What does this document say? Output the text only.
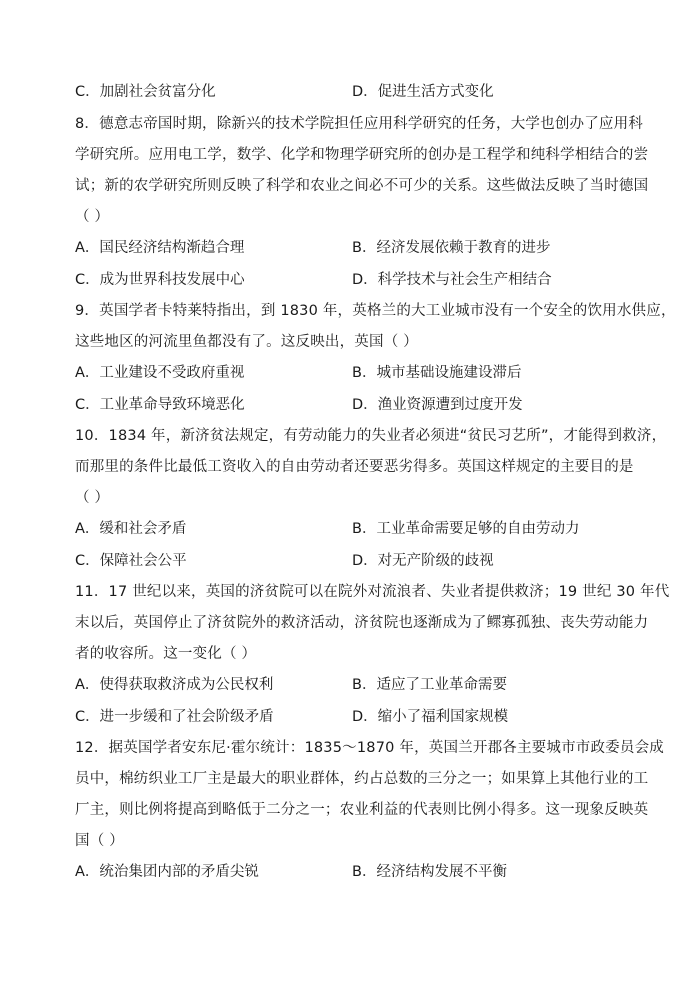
C．加剧社会贫富分化	D．促进生活方式变化
8．德意志帝国时期，除新兴的技术学院担任应用科学研究的任务，大学也创办了应用科
学研究所。应用电工学，数学、化学和物理学研究所的创办是工程学和纯科学相结合的尝
试；新的农学研究所则反映了科学和农业之间必不可少的关系。这些做法反映了当时德国
（ ）
A．国民经济结构渐趋合理	B．经济发展依赖于教育的进步
C．成为世界科技发展中心	D．科学技术与社会生产相结合
9．英国学者卡特莱特指出，到 1830 年，英格兰的大工业城市没有一个安全的饮用水供应，
这些地区的河流里鱼都没有了。这反映出，英国（ ）
A．工业建设不受政府重视	B．城市基础设施建设滞后
C．工业革命导致环境恶化	D．渔业资源遭到过度开发
10．1834 年，新济贫法规定，有劳动能力的失业者必须进“贫民习艺所”，才能得到救济，
而那里的条件比最低工资收入的自由劳动者还要恶劣得多。英国这样规定的主要目的是
（ ）
A．缓和社会矛盾	B．工业革命需要足够的自由劳动力
C．保障社会公平	D．对无产阶级的歧视
11．17 世纪以来，英国的济贫院可以在院外对流浪者、失业者提供救济；19 世纪 30 年代
末以后，英国停止了济贫院外的救济活动，济贫院也逐渐成为了鳏寡孤独、丧失劳动能力
者的收容所。这一变化（ ）
A．使得获取救济成为公民权利	B．适应了工业革命需要
C．进一步缓和了社会阶级矛盾	D．缩小了福利国家规模
12．据英国学者安东尼·霍尔统计：1835～1870 年，英国兰开郡各主要城市市政委员会成
员中，棉纺织业工厂主是最大的职业群体，约占总数的三分之一；如果算上其他行业的工
厂主，则比例将提高到略低于二分之一；农业利益的代表则比例小得多。这一现象反映英
国（ ）
A．统治集团内部的矛盾尖锐	B．经济结构发展不平衡
